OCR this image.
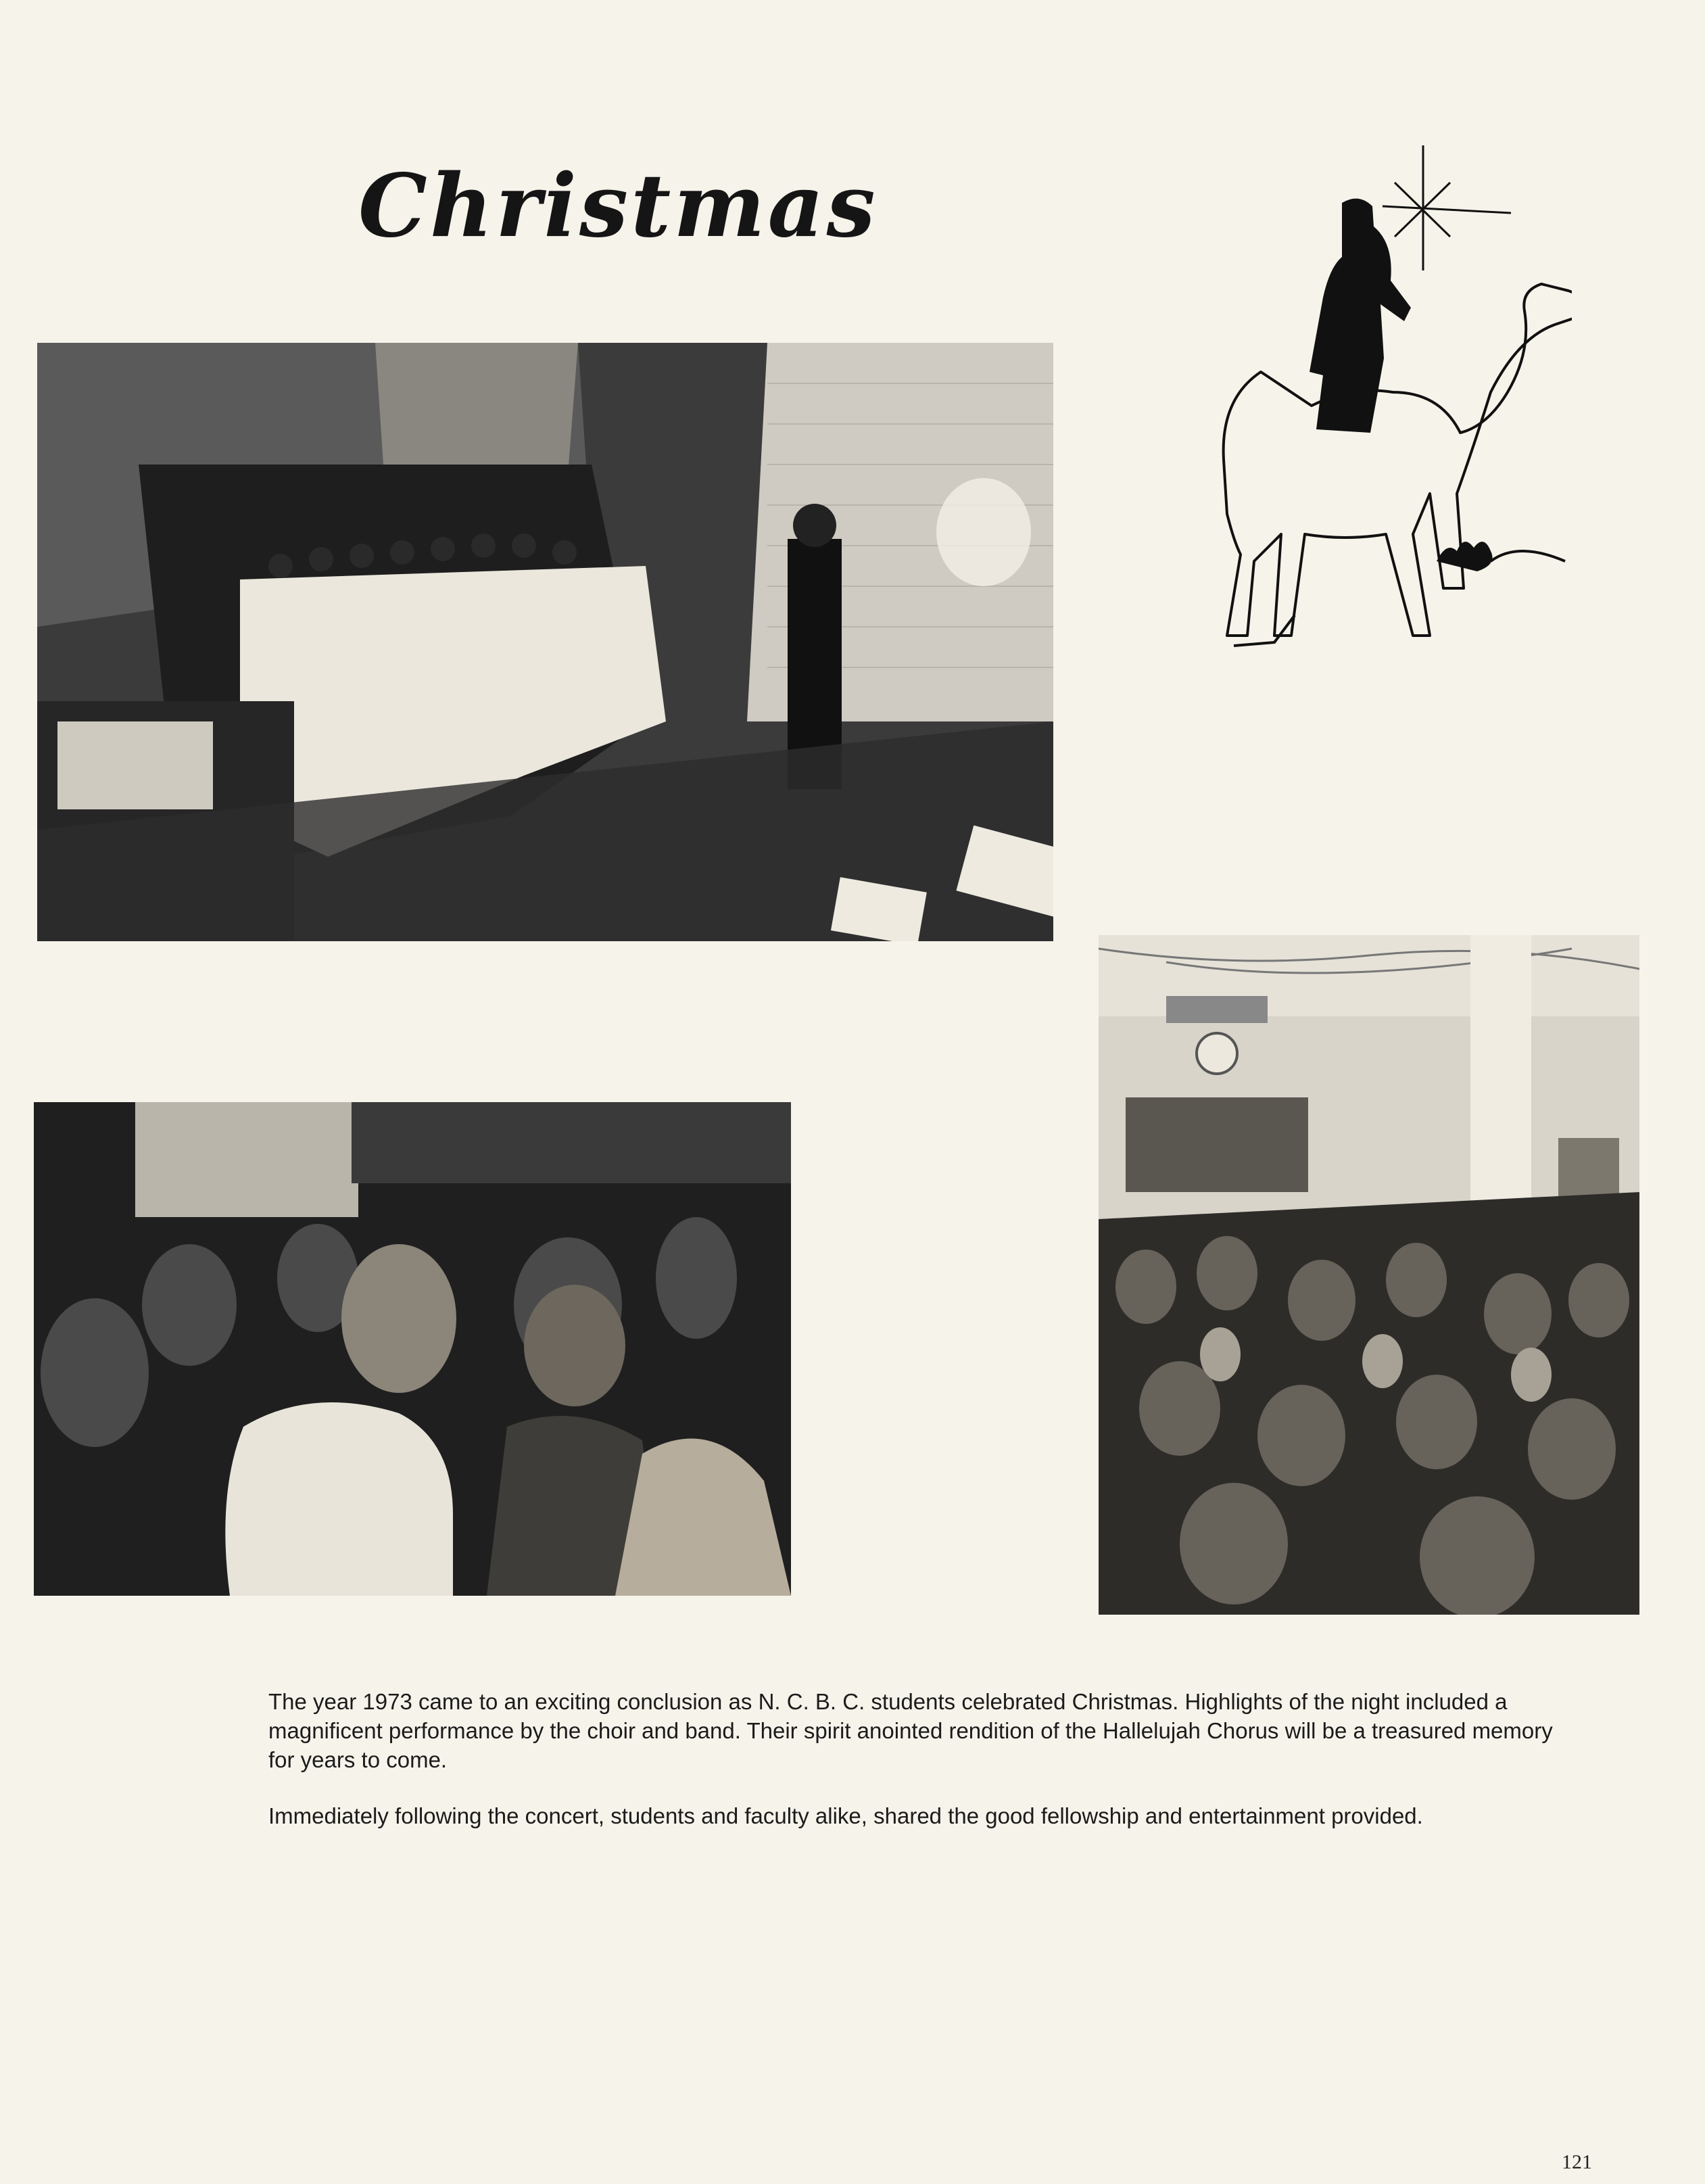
Christmas

The year 1973 came to an exciting conclusion as N. C. B. C. students celebrated Christmas. Highlights of the night included a magnificent performance by the choir and band. Their spirit anointed rendition of the Hallelujah Chorus will be a treasured memory for years to come.

Immediately following the concert, students and faculty alike, shared the good fellowship and entertainment provided.

121
